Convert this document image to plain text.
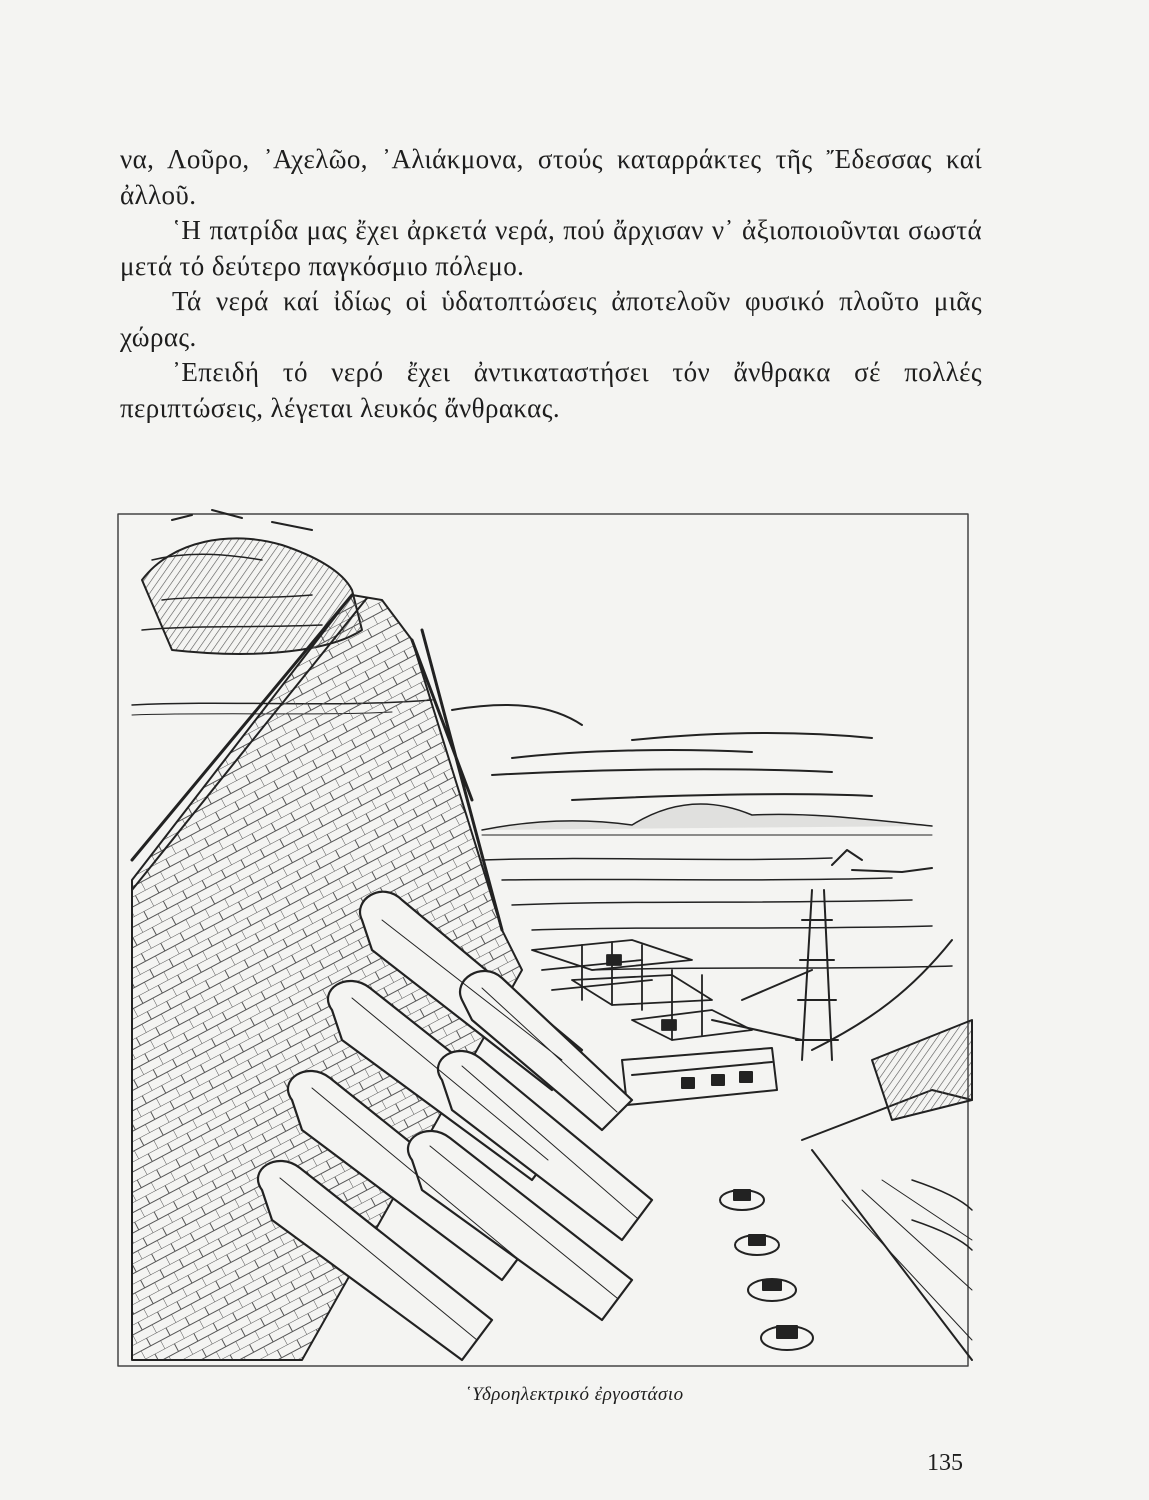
να, Λοῦρο, ᾿Αχελῶο, ᾿Αλιάκμονα, στούς καταρράκτες τῆς Ἔδεσσας καί ἀλλοῦ.

῾Η πατρίδα μας ἔχει ἀρκετά νερά, πού ἄρχισαν ν᾿ ἀξιοποιοῦνται σωστά μετά τό δεύτερο παγκόσμιο πόλεμο.

Τά νερά καί ἰδίως οἱ ὑδατοπτώσεις ἀποτελοῦν φυσικό πλοῦτο μιᾶς χώρας.

᾿Επειδή τό νερό ἔχει ἀντικαταστήσει τόν ἄνθρακα σέ πολλές περιπτώσεις, λέγεται λευκός ἄνθρακας.

῾Υδροηλεκτρικό ἐργοστάσιο
135
